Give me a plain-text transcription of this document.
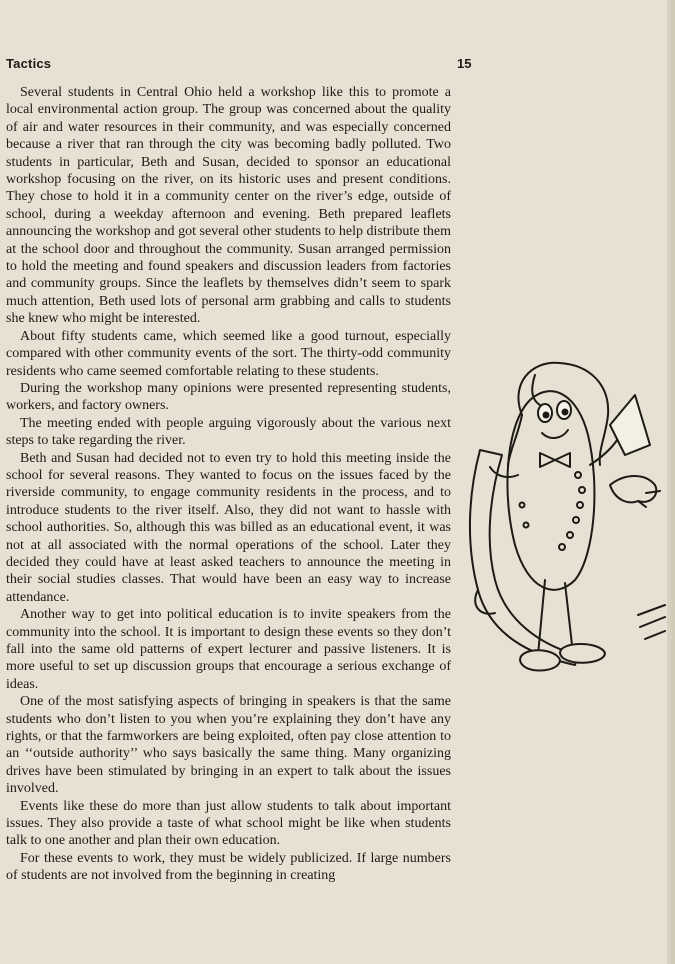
Tactics	15

Several students in Central Ohio held a workshop like this to promote a local environmental action group. The group was concerned about the quality of air and water resources in their community, and was especially concerned because a river that ran through the city was becoming badly polluted. Two students in particular, Beth and Susan, decided to sponsor an educational workshop focusing on the river, on its historic uses and present conditions. They chose to hold it in a community center on the river’s edge, outside of school, during a weekday afternoon and evening. Beth prepared leaflets announcing the workshop and got several other students to help distribute them at the school door and throughout the community. Susan arranged permission to hold the meeting and found speakers and discussion leaders from factories and community groups. Since the leaflets by themselves didn’t seem to spark much attention, Beth used lots of personal arm grabbing and calls to students she knew who might be interested.

About fifty students came, which seemed like a good turnout, especially compared with other community events of the sort. The thirty-odd community residents who came seemed comfortable relating to these students.

During the workshop many opinions were presented representing students, workers, and factory owners.

The meeting ended with people arguing vigorously about the various next steps to take regarding the river.

Beth and Susan had decided not to even try to hold this meeting inside the school for several reasons. They wanted to focus on the issues faced by the riverside community, to engage community residents in the process, and to introduce students to the river itself. Also, they did not want to hassle with school authorities. So, although this was billed as an educational event, it was not at all associated with the normal operations of the school. Later they decided they could have at least asked teachers to announce the meeting in their social studies classes. That would have been an easy way to increase attendance.

Another way to get into political education is to invite speakers from the community into the school. It is important to design these events so they don’t fall into the same old patterns of expert lecturer and passive listeners. It is more useful to set up discussion groups that encourage a serious exchange of ideas.

One of the most satisfying aspects of bringing in speakers is that the same students who don’t listen to you when you’re explaining they don’t have any rights, or that the farmworkers are being exploited, often pay close attention to an ‘‘outside authority’’ who says basically the same thing. Many organizing drives have been stimulated by bringing in an expert to talk about the issues involved.

Events like these do more than just allow students to talk about important issues. They also provide a taste of what school might be like when students talk to one another and plan their own education.

For these events to work, they must be widely publicized. If large numbers of students are not involved from the beginning in creating
